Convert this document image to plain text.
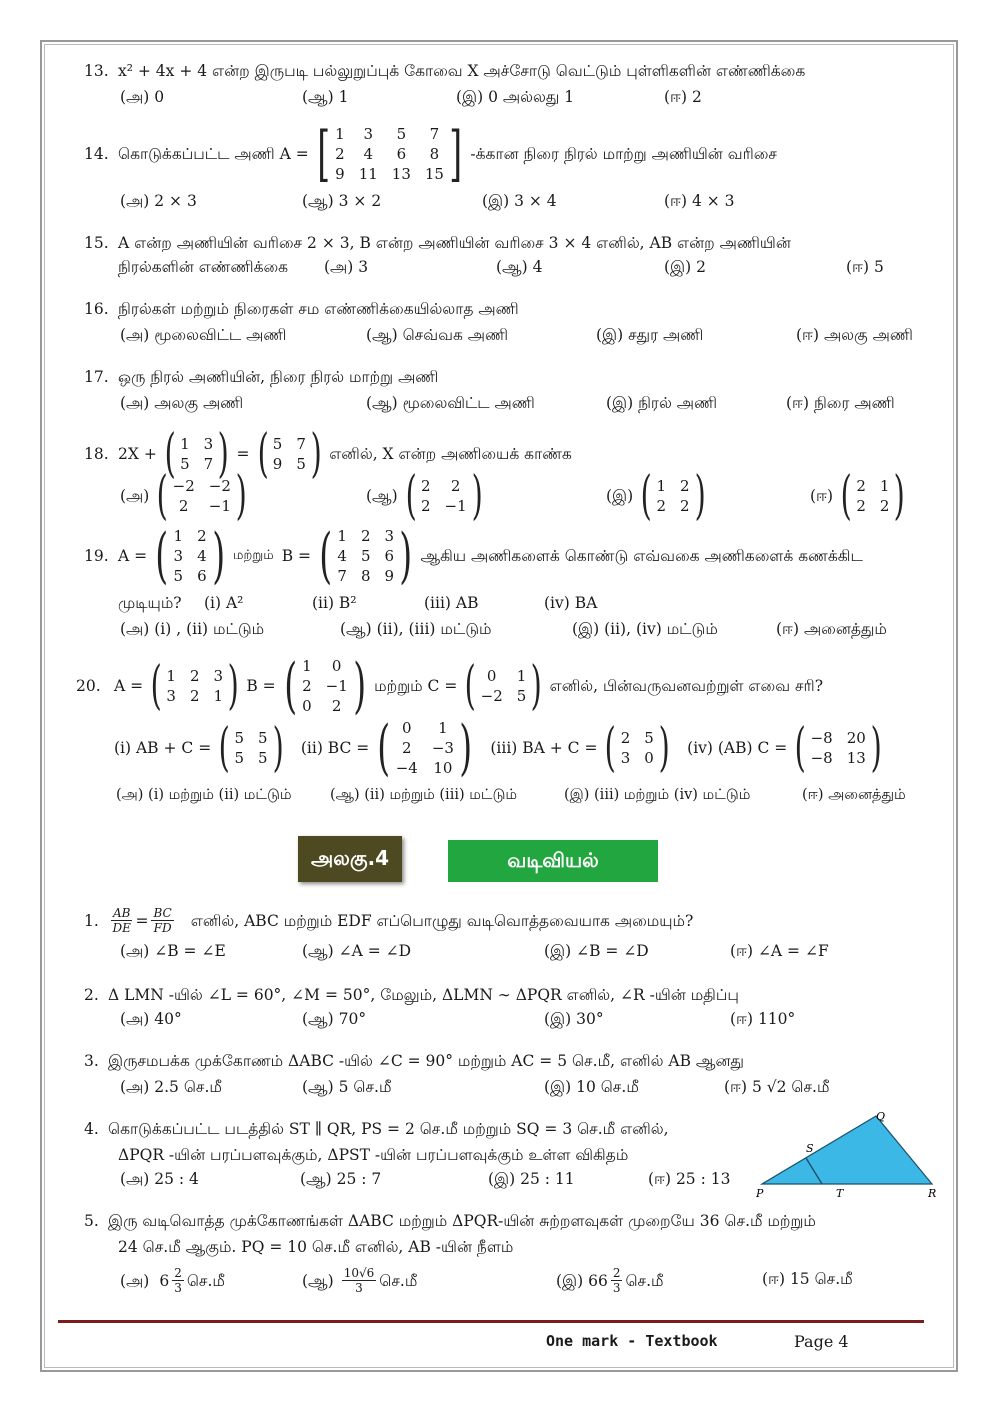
13. x² + 4x + 4 என்ற இருபடி பல்லுறுப்புக் கோவை X அச்சோடு வெட்டும் புள்ளிகளின் எண்ணிக்கை
(அ) 0	(ஆ) 1	(இ) 0 அல்லது 1	(ஈ) 2
14. கொடுக்கப்பட்ட அணி A = [ 1	3	5	7
2	4	6	8
9 11 13 15 ] -க்கான நிரை நிரல் மாற்று அணியின் வரிசை
(அ) 2 × 3	(ஆ) 3 × 2	(இ) 3 × 4	(ஈ) 4 × 3
15. A என்ற அணியின் வரிசை 2 × 3, B என்ற அணியின் வரிசை 3 × 4 எனில், AB என்ற அணியின்
நிரல்களின் எண்ணிக்கை (அ) 3	(ஆ) 4	(இ) 2	(ஈ) 5
16. நிரல்கள் மற்றும் நிரைகள் சம எண்ணிக்கையில்லாத அணி
(அ) மூலைவிட்ட அணி	(ஆ) செவ்வக அணி	(இ) சதுர அணி	(ஈ) அலகு அணி
17. ஒரு நிரல் அணியின், நிரை நிரல் மாற்று அணி
(அ) அலகு அணி	(ஆ) மூலைவிட்ட அணி	(இ) நிரல் அணி	(ஈ) நிரை அணி
18. 2X + ( 1 3
5 7 ) = ( 5 7
9 5 ) எனில், X என்ற அணியைக் காண்க
(அ) ( −2 −2
2	−1 )	(ஆ) ( 2	2
2 −1 )	(இ) ( 1 2
2 2 )	(ஈ) ( 2 1
2 2 )
19. A = ( 1 2
3 4
5 6 ) மற்றும் B = ( 1 2 3
4 5 6
7 8 9 ) ஆகிய அணிகளைக் கொண்டு எவ்வகை அணிகளைக் கணக்கிட
முடியும்? (i) A²	(ii) B²	(iii) AB	(iv) BA
(அ) (i) , (ii) மட்டும்	(ஆ) (ii), (iii) மட்டும்	(இ) (ii), (iv) மட்டும்	(ஈ) அனைத்தும்
20. A = ( 1 2 3
3 2 1 ) B = ( 1	0
2 −1
0	2 ) மற்றும் C = ( 0	1
−2 5 ) எனில், பின்வருவனவற்றுள் எவை சரி?
(i) AB + C = ( 5 5
5 5 ) (ii) BC = ( 0	1
2	−3
−4 10 ) (iii) BA + C = ( 2 5
3 0 ) (iv) (AB) C = ( −8 20
−8 13 )
(அ) (i) மற்றும் (ii) மட்டும்	(ஆ) (ii) மற்றும் (iii) மட்டும்	(இ) (iii) மற்றும் (iv) மட்டும்	(ஈ) அனைத்தும்
அலகு.4	வடிவியல்
1.	$\frac{AB}{DE} = \frac{BC}{FD}$ எனில், ABC மற்றும் EDF எப்பொழுது வடிவொத்தவையாக அமையும்?
(அ) ∠B = ∠E	(ஆ) ∠A = ∠D	(இ) ∠B = ∠D	(ஈ) ∠A = ∠F
2. Δ LMN -யில் ∠L = 60°, ∠M = 50°, மேலும், ΔLMN ∼ ΔPQR எனில், ∠R -யின் மதிப்பு
(அ) 40°	(ஆ) 70°	(இ) 30°	(ஈ) 110°
3. இருசமபக்க முக்கோணம் ΔABC -யில் ∠C = 90° மற்றும் AC = 5 செ.மீ, எனில் AB ஆனது
(அ) 2.5 செ.மீ	(ஆ) 5 செ.மீ	(இ) 10 செ.மீ	(ஈ) 5 √2 செ.மீ
4. கொடுக்கப்பட்ட படத்தில் ST ∥ QR, PS = 2 செ.மீ மற்றும் SQ = 3 செ.மீ எனில்,
ΔPQR -யின் பரப்பளவுக்கும், ΔPST -யின் பரப்பளவுக்கும் உள்ள விகிதம்
(அ) 25 : 4	(ஆ) 25 : 7	(இ) 25 : 11	(ஈ) 25 : 13
Q
S
P	T	R
5. இரு வடிவொத்த முக்கோணங்கள் ΔABC மற்றும் ΔPQR-யின் சுற்றளவுகள் முறையே 36 செ.மீ மற்றும்
24 செ.மீ ஆகும். PQ = 10 செ.மீ எனில், AB -யின் நீளம்
(அ) $6 \frac{2}{3}$ செ.மீ	(ஆ) $\frac{10√6}{3}$ செ.மீ	(இ) $66 \frac{2}{3}$ செ.மீ	(ஈ) 15 செ.மீ
One mark - Textbook	Page 4
